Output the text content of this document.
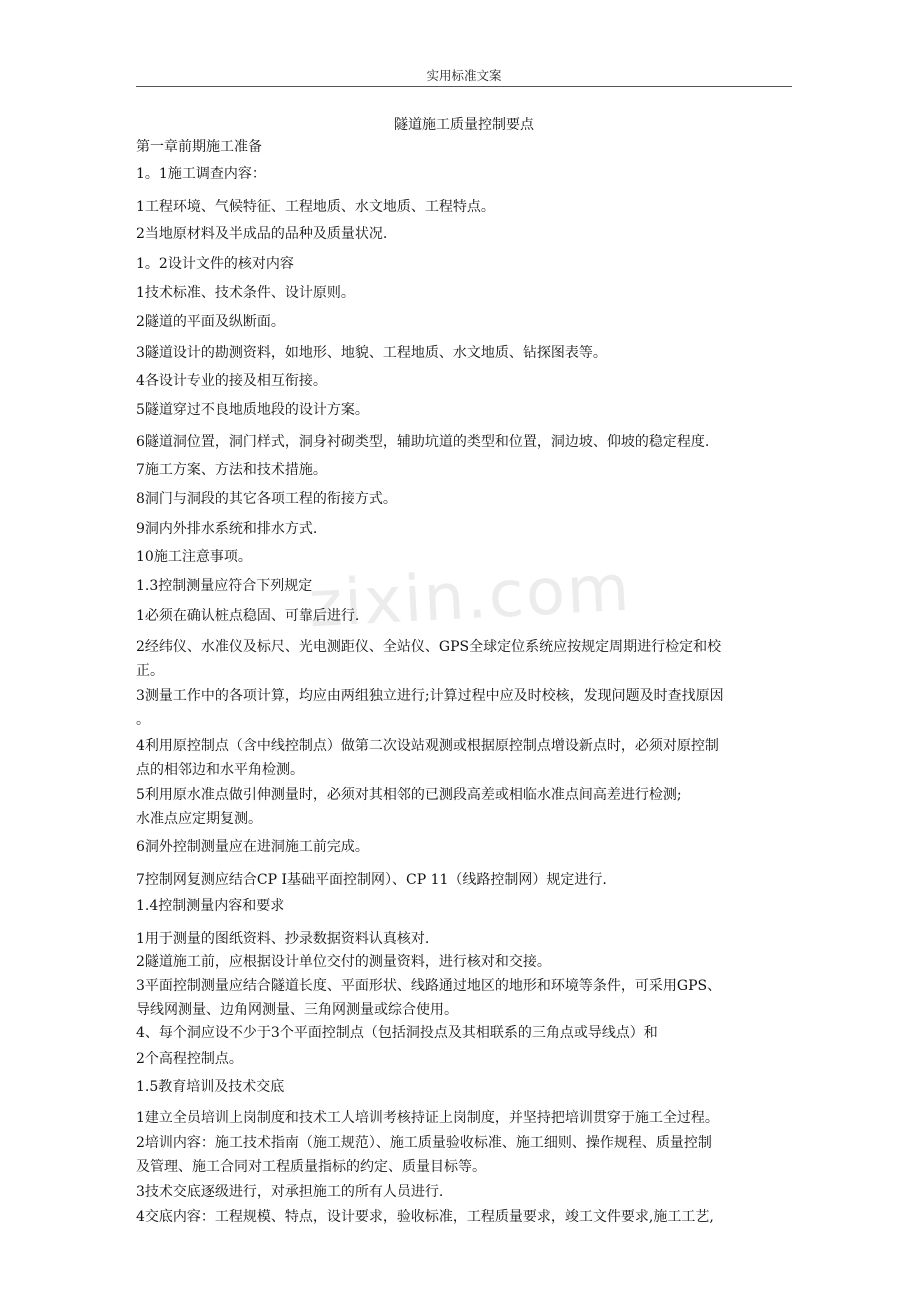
实用标准文案
zixin.com
隧道施工质量控制要点
第一章前期施工准备
1。1施工调查内容：
1工程环境、气候特征、工程地质、水文地质、工程特点。
2当地原材料及半成品的品种及质量状况.
1。2设计文件的核对内容
1技术标准、技术条件、设计原则。
2隧道的平面及纵断面。
3隧道设计的勘测资料，如地形、地貌、工程地质、水文地质、钻探图表等。
4各设计专业的接及相互衔接。
5隧道穿过不良地质地段的设计方案。
6隧道洞位置，洞门样式，洞身衬砌类型，辅助坑道的类型和位置，洞边坡、仰坡的稳定程度.
7施工方案、方法和技术措施。
8洞门与洞段的其它各项工程的衔接方式。
9洞内外排水系统和排水方式.
10施工注意事项。
1.3控制测量应符合下列规定
1必须在确认桩点稳固、可靠后进行.
2经纬仪、水准仪及标尺、光电测距仪、全站仪、GPS全球定位系统应按规定周期进行检定和校
正。
3测量工作中的各项计算，均应由两组独立进行;计算过程中应及时校核，发现问题及时查找原因
。
4利用原控制点（含中线控制点）做第二次设站观测或根据原控制点增设新点时，必须对原控制
点的相邻边和水平角检测。
5利用原水准点做引伸测量时，必须对其相邻的已测段高差或相临水准点间高差进行检测;
水准点应定期复测。
6洞外控制测量应在进洞施工前完成。
7控制网复测应结合CP I基础平面控制网）、CP 11（线路控制网）规定进行.
1.4控制测量内容和要求
1用于测量的图纸资料、抄录数据资料认真核对.
2隧道施工前，应根据设计单位交付的测量资料，进行核对和交接。
3平面控制测量应结合隧道长度、平面形状、线路通过地区的地形和环境等条件，可采用GPS、
导线网测量、边角网测量、三角网测量或综合使用。
4、每个洞应设不少于3个平面控制点（包括洞投点及其相联系的三角点或导线点）和
2个高程控制点。
1.5教育培训及技术交底
1建立全员培训上岗制度和技术工人培训考核持证上岗制度，并坚持把培训贯穿于施工全过程。
2培训内容：施工技术指南（施工规范）、施工质量验收标准、施工细则、操作规程、质量控制
及管理、施工合同对工程质量指标的约定、质量目标等。
3技术交底逐级进行，对承担施工的所有人员进行.
4交底内容：工程规模、特点，设计要求，验收标准，工程质量要求，竣工文件要求,施工工艺,
